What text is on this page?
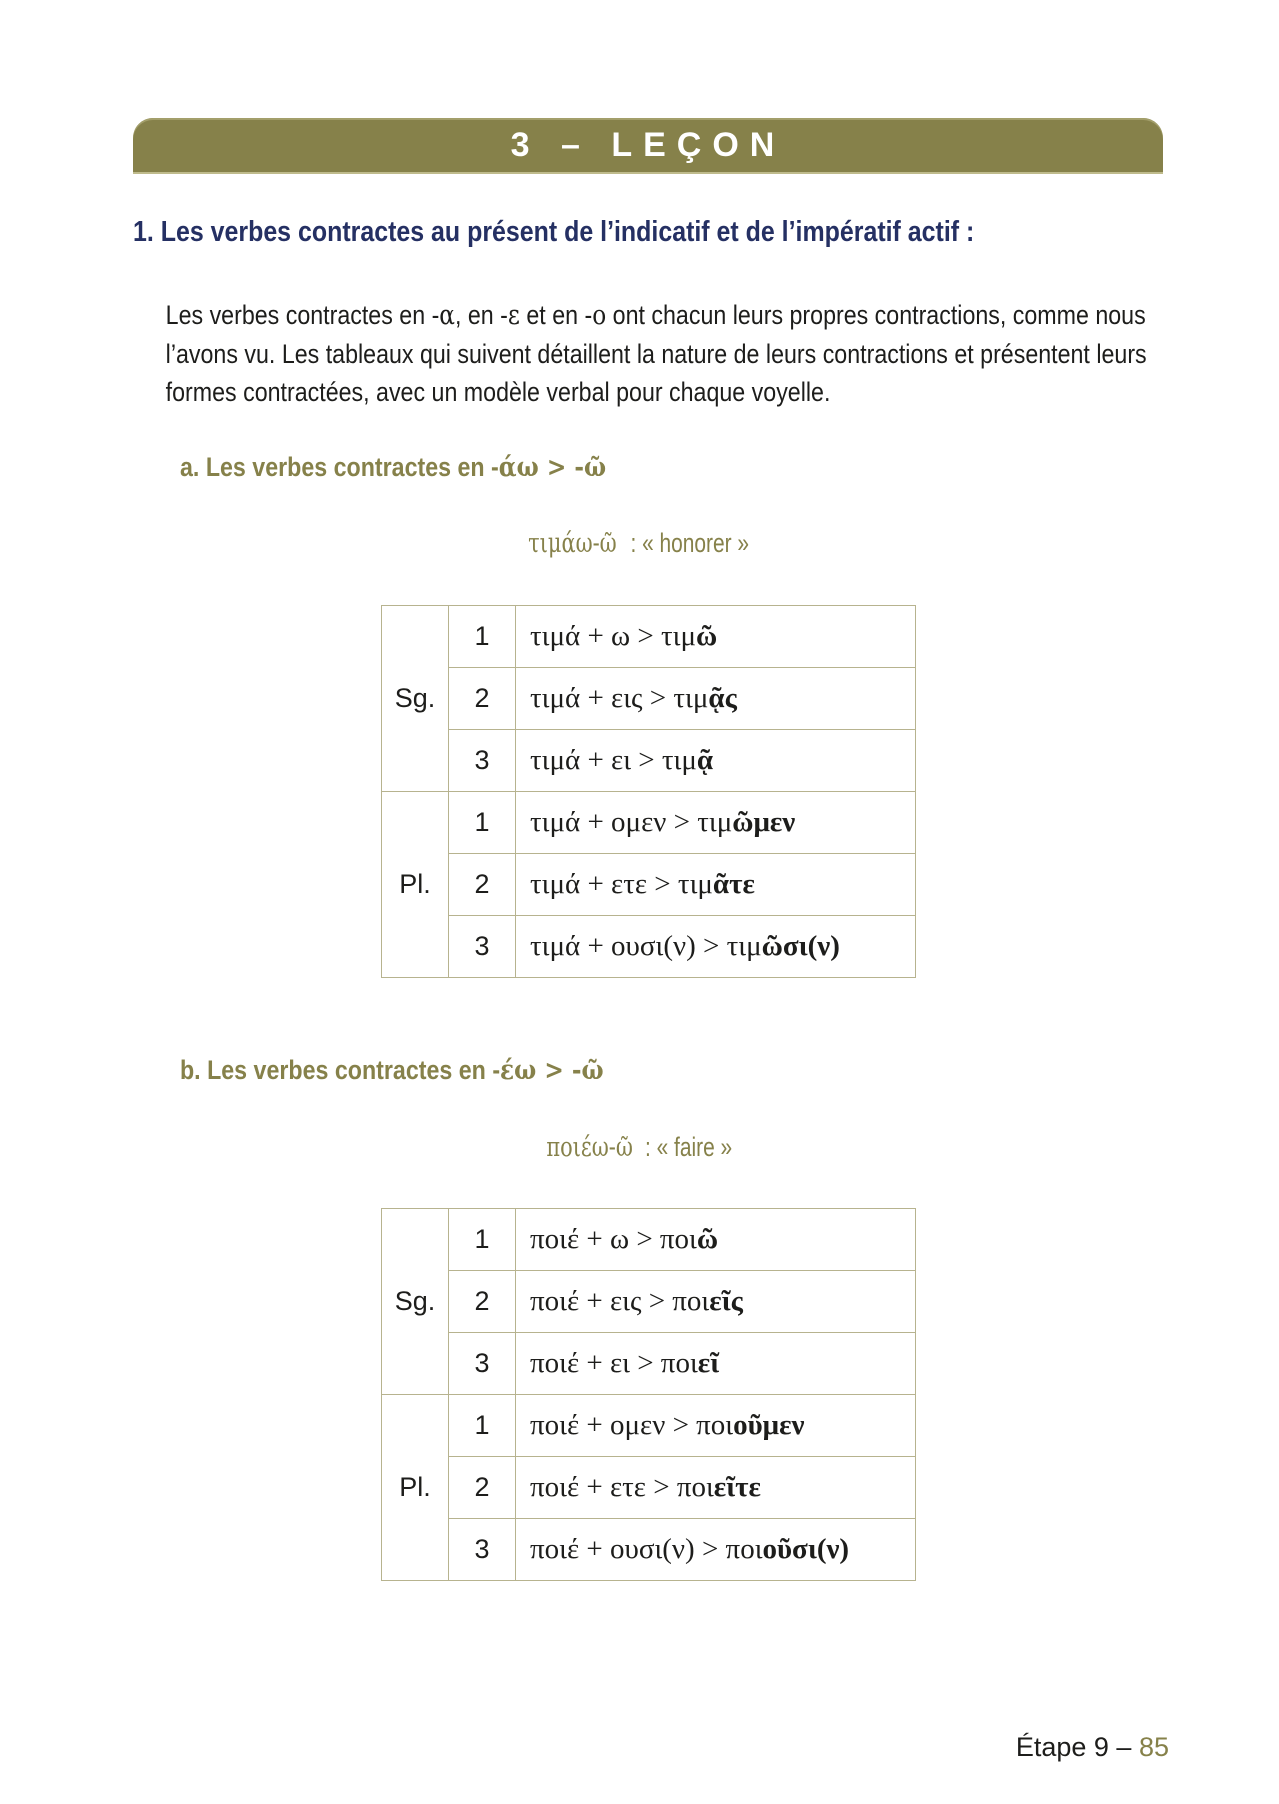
3 – LEÇON
1. Les verbes contractes au présent de l’indicatif et de l’impératif actif :

Les verbes contractes en -α, en -ε et en -ο ont chacun leurs propres contractions, comme nous l’avons vu. Les tableaux qui suivent détaillent la nature de leurs contractions et présentent leurs formes contractées, avec un modèle verbal pour chaque voyelle.

a. Les verbes contractes en -άω > -ῶ
τιμάω-ῶ: « honorer »
Sg.	1	τιμά + ω > τιμῶ
	2	τιμά + εις > τιμᾷς
	3	τιμά + ει > τιμᾷ
Pl.	1	τιμά + ομεν > τιμῶμεν
	2	τιμά + ετε > τιμᾶτε
	3	τιμά + ουσι(ν) > τιμῶσι(ν)
b. Les verbes contractes en -έω > -ῶ
ποιέω-ῶ: « faire »
Sg.	1	ποιέ + ω > ποιῶ
	2	ποιέ + εις > ποιεῖς
	3	ποιέ + ει > ποιεῖ
Pl.	1	ποιέ + ομεν > ποιοῦμεν
	2	ποιέ + ετε > ποιεῖτε
	3	ποιέ + ουσι(ν) > ποιοῦσι(ν)
Étape 9 – 85
